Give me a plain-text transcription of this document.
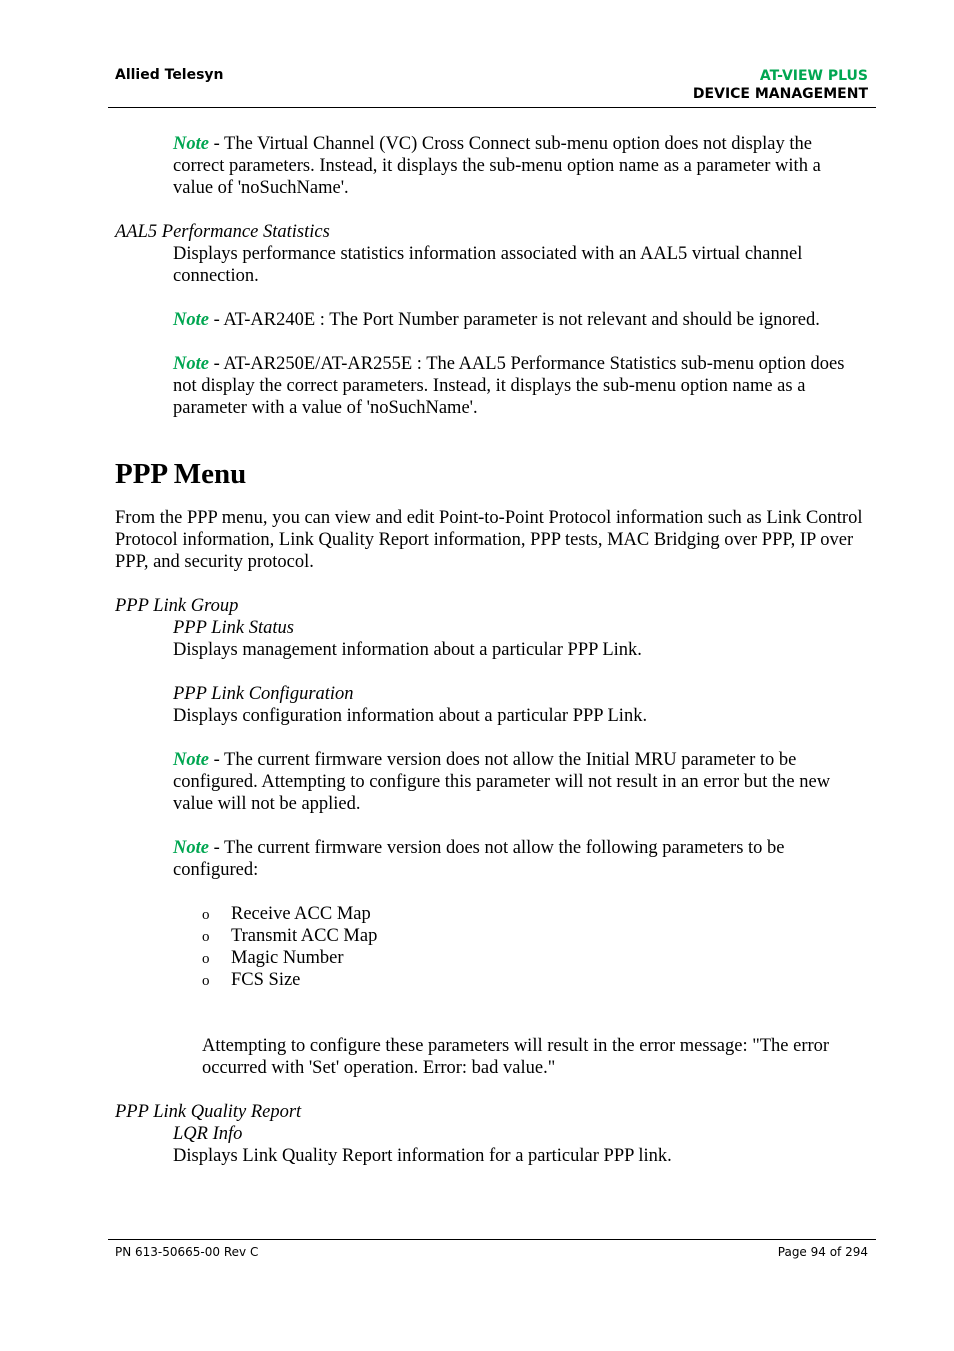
Allied Telesyn	AT-VIEW PLUS
DEVICE MANAGEMENT

Note - The Virtual Channel (VC) Cross Connect sub-menu option does not display the correct parameters. Instead, it displays the sub-menu option name as a parameter with a value of 'noSuchName'.

AAL5 Performance Statistics

Displays performance statistics information associated with an AAL5 virtual channel connection.

Note - AT-AR240E : The Port Number parameter is not relevant and should be ignored.

Note - AT-AR250E/AT-AR255E : The AAL5 Performance Statistics sub-menu option does not display the correct parameters. Instead, it displays the sub-menu option name as a parameter with a value of 'noSuchName'.

PPP Menu

From the PPP menu, you can view and edit Point-to-Point Protocol information such as Link Control Protocol information, Link Quality Report information, PPP tests, MAC Bridging over PPP, IP over PPP, and security protocol.

PPP Link Group

PPP Link Status

Displays management information about a particular PPP Link.

PPP Link Configuration

Displays configuration information about a particular PPP Link.

Note - The current firmware version does not allow the Initial MRU parameter to be configured. Attempting to configure this parameter will not result in an error but the new value will not be applied.

Note - The current firmware version does not allow the following parameters to be configured:

o Receive ACC Map
o Transmit ACC Map
o Magic Number
o FCS Size

Attempting to configure these parameters will result in the error message: "The error occurred with 'Set' operation. Error: bad value."

PPP Link Quality Report

LQR Info

Displays Link Quality Report information for a particular PPP link.

PN 613-50665-00 Rev C	Page 94 of 294
